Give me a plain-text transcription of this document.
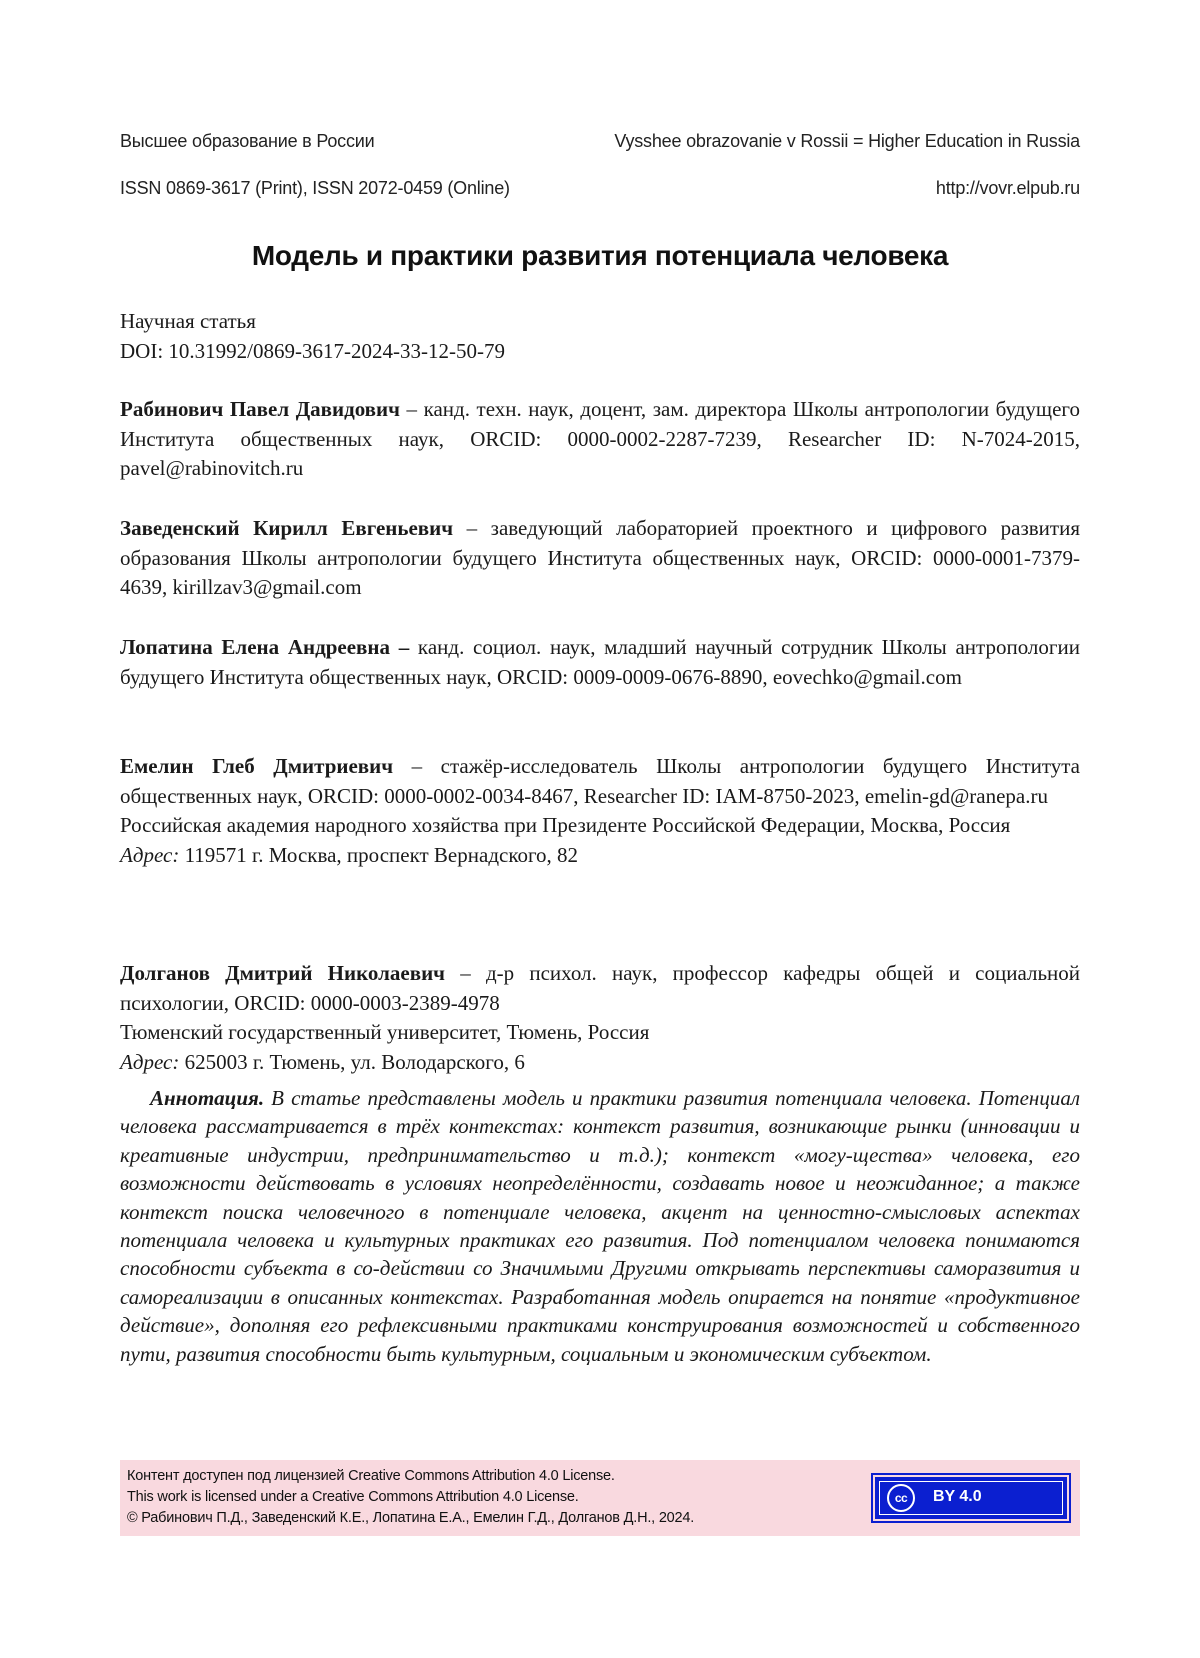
Высшее образование в России	Vysshee obrazovanie v Rossii = Higher Education in Russia
ISSN 0869-3617 (Print), ISSN 2072-0459 (Online)	http://vovr.elpub.ru
Модель и практики развития потенциала человека
Научная статья
DOI: 10.31992/0869-3617-2024-33-12-50-79
Рабинович Павел Давидович – канд. техн. наук, доцент, зам. директора Школы антропологии будущего Института общественных наук, ORCID: 0000-0002-2287-7239, Researcher ID: N-7024-2015, pavel@rabinovitch.ru
Заведенский Кирилл Евгеньевич – заведующий лабораторией проектного и цифрового развития образования Школы антропологии будущего Института общественных наук, ORCID: 0000-0001-7379-4639, kirillzav3@gmail.com
Лопатина Елена Андреевна – канд. социол. наук, младший научный сотрудник Школы антропологии будущего Института общественных наук, ORCID: 0009-0009-0676-8890, eovechko@gmail.com
Емелин Глеб Дмитриевич – стажёр-исследователь Школы антропологии будущего Института общественных наук, ORCID: 0000-0002-0034-8467, Researcher ID: IAM-8750-2023, emelin-gd@ranepa.ru
Российская академия народного хозяйства при Президенте Российской Федерации, Москва, Россия
Адрес: 119571 г. Москва, проспект Вернадского, 82
Долганов Дмитрий Николаевич – д-р психол. наук, профессор кафедры общей и социальной психологии, ORCID: 0000-0003-2389-4978
Тюменский государственный университет, Тюмень, Россия
Адрес: 625003 г. Тюмень, ул. Володарского, 6
Аннотация. В статье представлены модель и практики развития потенциала человека. Потенциал человека рассматривается в трёх контекстах: контекст развития, возникающие рынки (инновации и креативные индустрии, предпринимательство и т.д.); контекст «могу-щества» человека, его возможности действовать в условиях неопределённости, создавать новое и неожиданное; а также контекст поиска человечного в потенциале человека, акцент на ценностно-смысловых аспектах потенциала человека и культурных практиках его развития. Под потенциалом человека понимаются способности субъекта в со-действии со Значимыми Другими открывать перспективы саморазвития и самореализации в описанных контекстах. Разработанная модель опирается на понятие «продуктивное действие», дополняя его рефлексивными практиками конструирования возможностей и собственного пути, развития способности быть культурным, социальным и экономическим субъектом.
Контент доступен под лицензией Creative Commons Attribution 4.0 License.
This work is licensed under a Creative Commons Attribution 4.0 License.
© Рабинович П.Д., Заведенский К.Е., Лопатина Е.А., Емелин Г.Д., Долганов Д.Н., 2024.
cc	BY 4.0
